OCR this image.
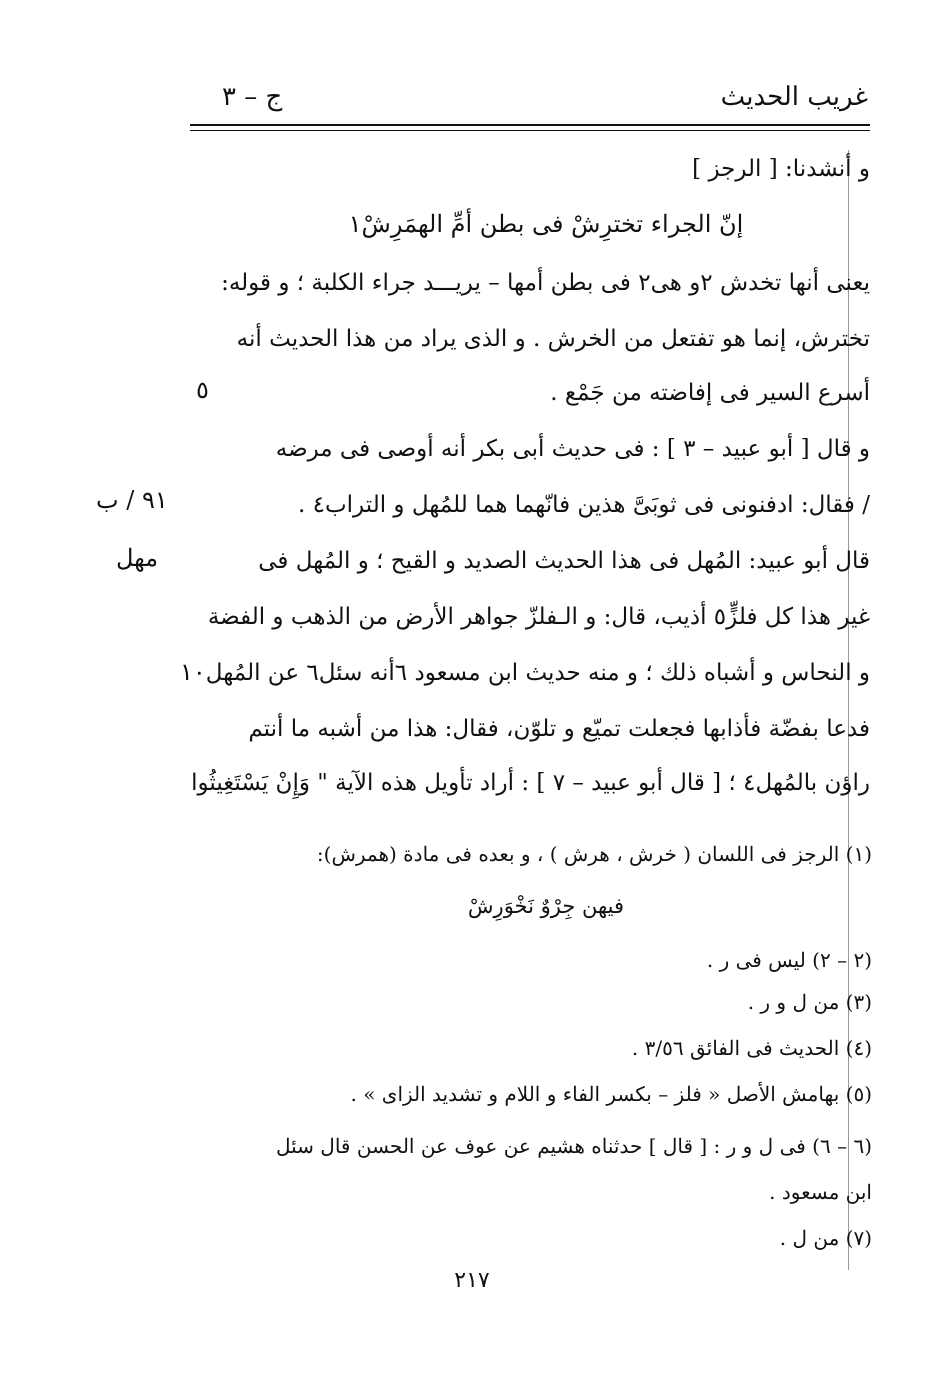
غريب الحديث
ج – ٣
و أنشدنا: [ الرجز ]
إنّ الجراء تخترِشْ فى بطن أمِّ الهمَرِشْ١
يعنى أنها تخدش ٢و هى٢ فى بطن أمها – يريـــد جراء الكلبة ؛ و قوله:
تخترش، إنما هو تفتعل من الخرش . و الذى يراد من هذا الحديث أنه
أسرع السير فى إفاضته من جَمْع .
و قال [ أبو عبيد – ٣ ] : فى حديث أبى بكر أنه أوصى فى مرضه
/ فقال: ادفنونى فى ثوبَىَّ هذين فانّهما هما للمُهل و التراب٤ .
قال أبو عبيد: المُهل فى هذا الحديث الصديد و القيح ؛ و المُهل فى
غير هذا كل فلزٍّ٥ أذيب، قال: و الـفلزّ جواهر الأرض من الذهب و الفضة
و النحاس و أشباه ذلك ؛ و منه حديث ابن مسعود ٦أنه سئل٦ عن المُهل
فدعا بفضّة فأذابها فجعلت تميّع و تلوّن، فقال: هذا من أشبه ما أنتم
راؤن بالمُهل٤ ؛ [ قال أبو عبيد – ٧ ] : أراد تأويل هذه الآية " وَإِنْ يَسْتَغِيثُوا
٥
٩١ / ب
مهل
١٠
(١) الرجز فى اللسان ( خرش ، هرش ) ، و بعده فى مادة (همرش):
فيهن جِرْوٌ نَخْوَرِشْ
(٢ – ٢) ليس فى ر .
(٣) من ل و ر .
(٤) الحديث فى الفائق ٣/٥٦ .
(٥) بهامش الأصل « فلز – بكسر الفاء و اللام و تشديد الزاى » .
(٦ – ٦) فى ل و ر : [ قال ] حدثناه هشيم عن عوف عن الحسن قال سئل
ابن مسعود .
(٧) من ل .
٢١٧
